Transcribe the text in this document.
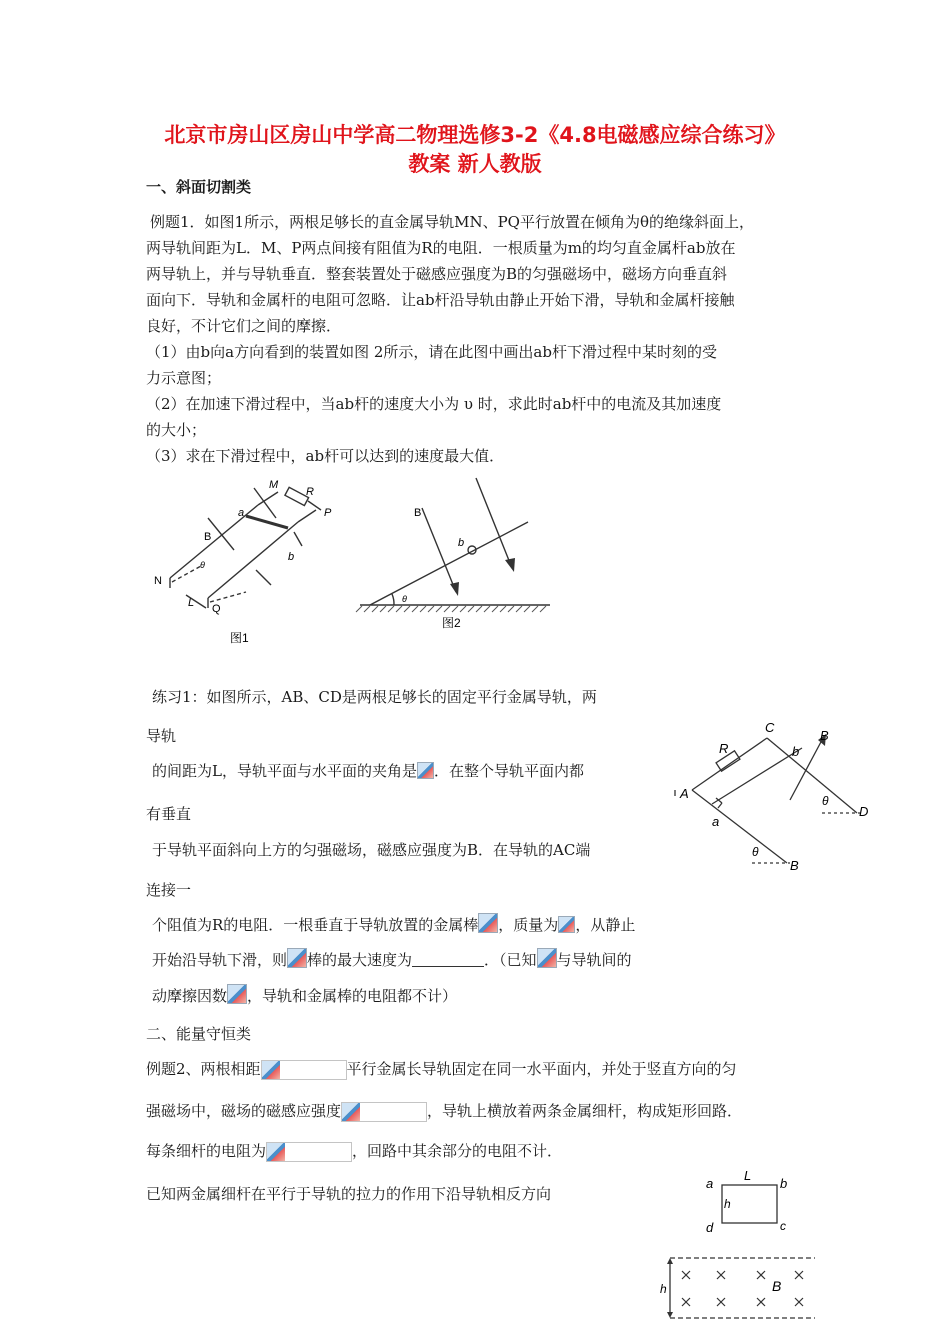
北京市房山区房山中学高二物理选修3-2《4.8电磁感应综合练习》
教案 新人教版
一、斜面切割类
例题1．如图1所示，两根足够长的直金属导轨MN、PQ平行放置在倾角为θ的绝缘斜面上，
两导轨间距为L．M、P两点间接有阻值为R的电阻．一根质量为m的均匀直金属杆ab放在
两导轨上，并与导轨垂直．整套装置处于磁感应强度为B的匀强磁场中，磁场方向垂直斜
面向下．导轨和金属杆的电阻可忽略．让ab杆沿导轨由静止开始下滑，导轨和金属杆接触
良好，不计它们之间的摩擦．
（1）由b向a方向看到的装置如图 2所示，请在此图中画出ab杆下滑过程中某时刻的受
力示意图；
（2）在加速下滑过程中，当ab杆的速度大小为 υ 时，求此时ab杆中的电流及其加速度
的大小；
（3）求在下滑过程中，ab杆可以达到的速度最大值．
M
R
P
a
B
b
N
θ
L Q
图1
B
b
θ
图2
练习1：如图所示，AB、CD是两根足够长的固定平行金属导轨，两
导轨
的间距为L，导轨平面与水平面的夹角是 ．在整个导轨平面内都
有垂直
于导轨平面斜向上方的匀强磁场，磁感应强度为B．在导轨的AC端
连接一
个阻值为R的电阻．一根垂直于导轨放置的金属棒 ，质量为 ，从静止
开始沿导轨下滑，则 棒的最大速度为	．（已知 与导轨间的
动摩擦因数 ，导轨和金属棒的电阻都不计）
C
B
R	b
A	θ
D
a
θ
B
二、能量守恒类
例题2、两根相距	平行金属长导轨固定在同一水平面内，并处于竖直方向的匀
强磁场中，磁场的磁感应强度	，导轨上横放着两条金属细杆，构成矩形回路．
每条细杆的电阻为	，回路中其余部分的电阻不计．
已知两金属细杆在平行于导轨的拉力的作用下沿导轨相反方向
L
a	b
h
d	c
h	B
